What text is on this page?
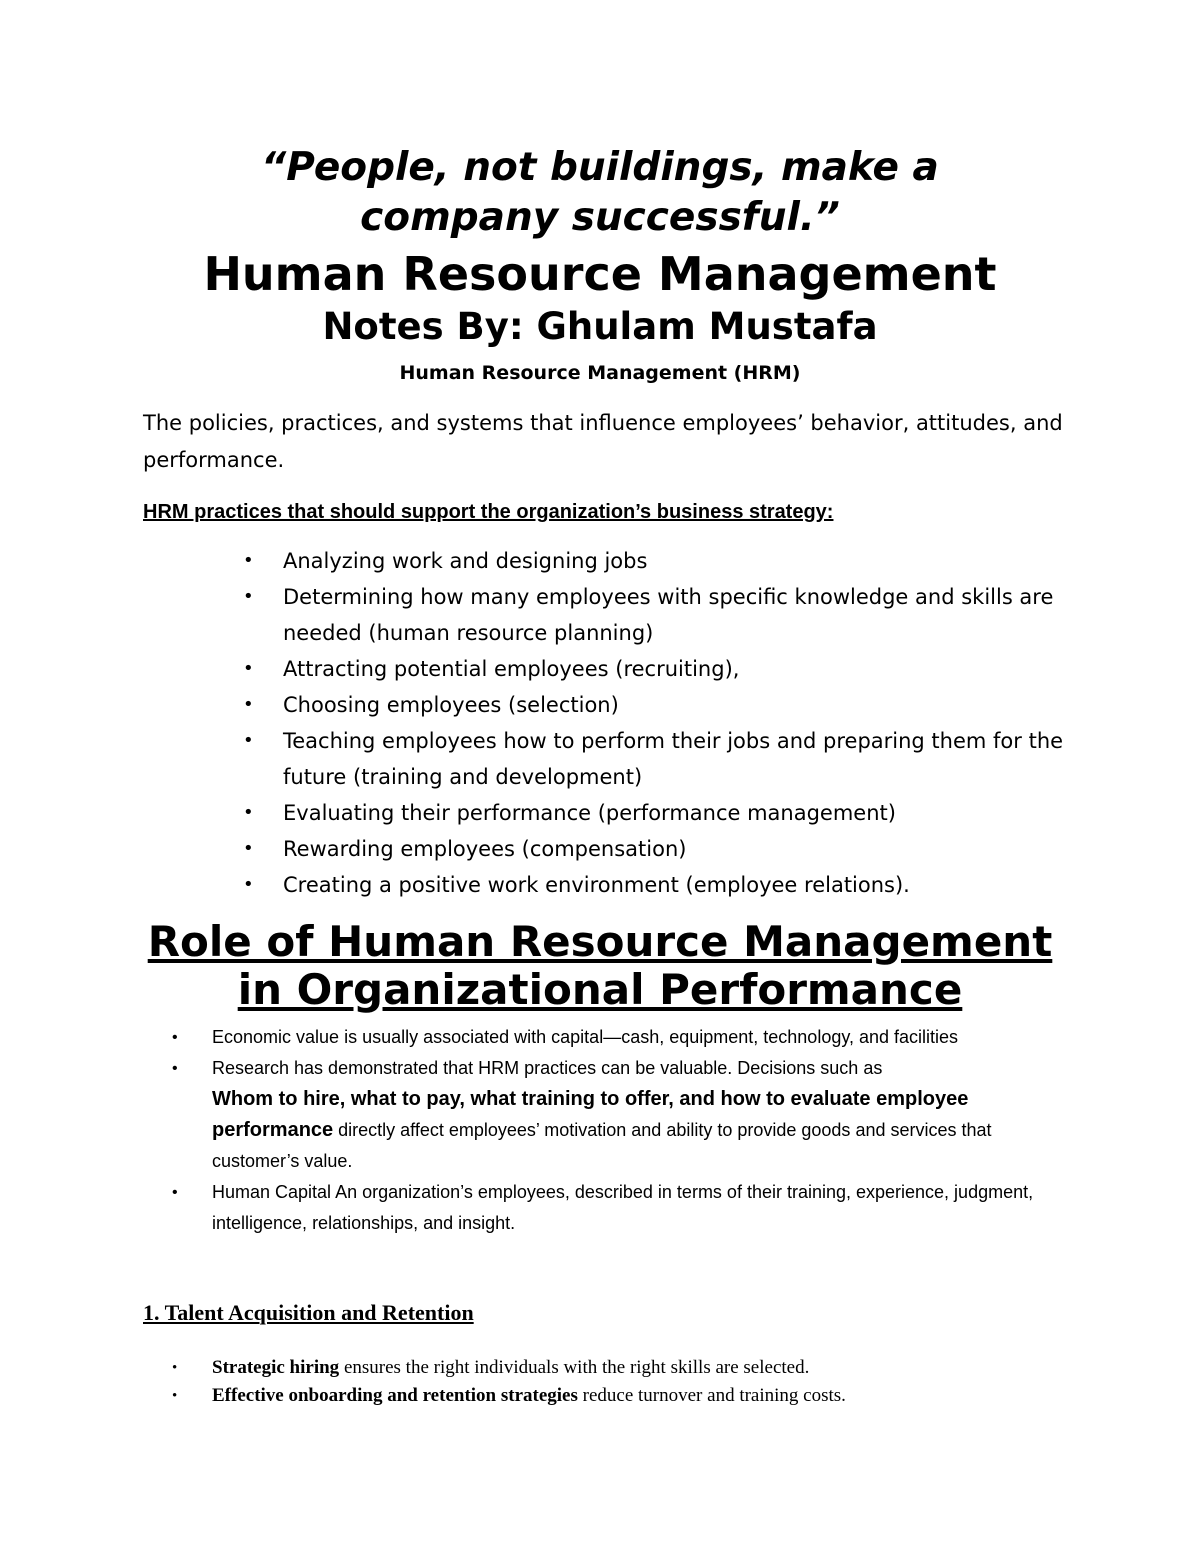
“People, not buildings, make a
company successful.”
Human Resource Management
Notes By: Ghulam Mustafa
Human Resource Management (HRM)
The policies, practices, and systems that influence employees’ behavior, attitudes, and performance.
HRM practices that should support the organization’s business strategy:
• Analyzing work and designing jobs
• Determining how many employees with specific knowledge and skills are needed (human resource planning)
• Attracting potential employees (recruiting),
• Choosing employees (selection)
• Teaching employees how to perform their jobs and preparing them for the future (training and development)
• Evaluating their performance (performance management)
• Rewarding employees (compensation)
• Creating a positive work environment (employee relations).
Role of Human Resource Management
in Organizational Performance
• Economic value is usually associated with capital—cash, equipment, technology, and facilities
• Research has demonstrated that HRM practices can be valuable. Decisions such as
Whom to hire, what to pay, what training to offer, and how to evaluate employee performance directly affect employees’ motivation and ability to provide goods and services that customer’s value.
• Human Capital An organization’s employees, described in terms of their training, experience, judgment, intelligence, relationships, and insight.
1. Talent Acquisition and Retention
• Strategic hiring ensures the right individuals with the right skills are selected.
• Effective onboarding and retention strategies reduce turnover and training costs.
